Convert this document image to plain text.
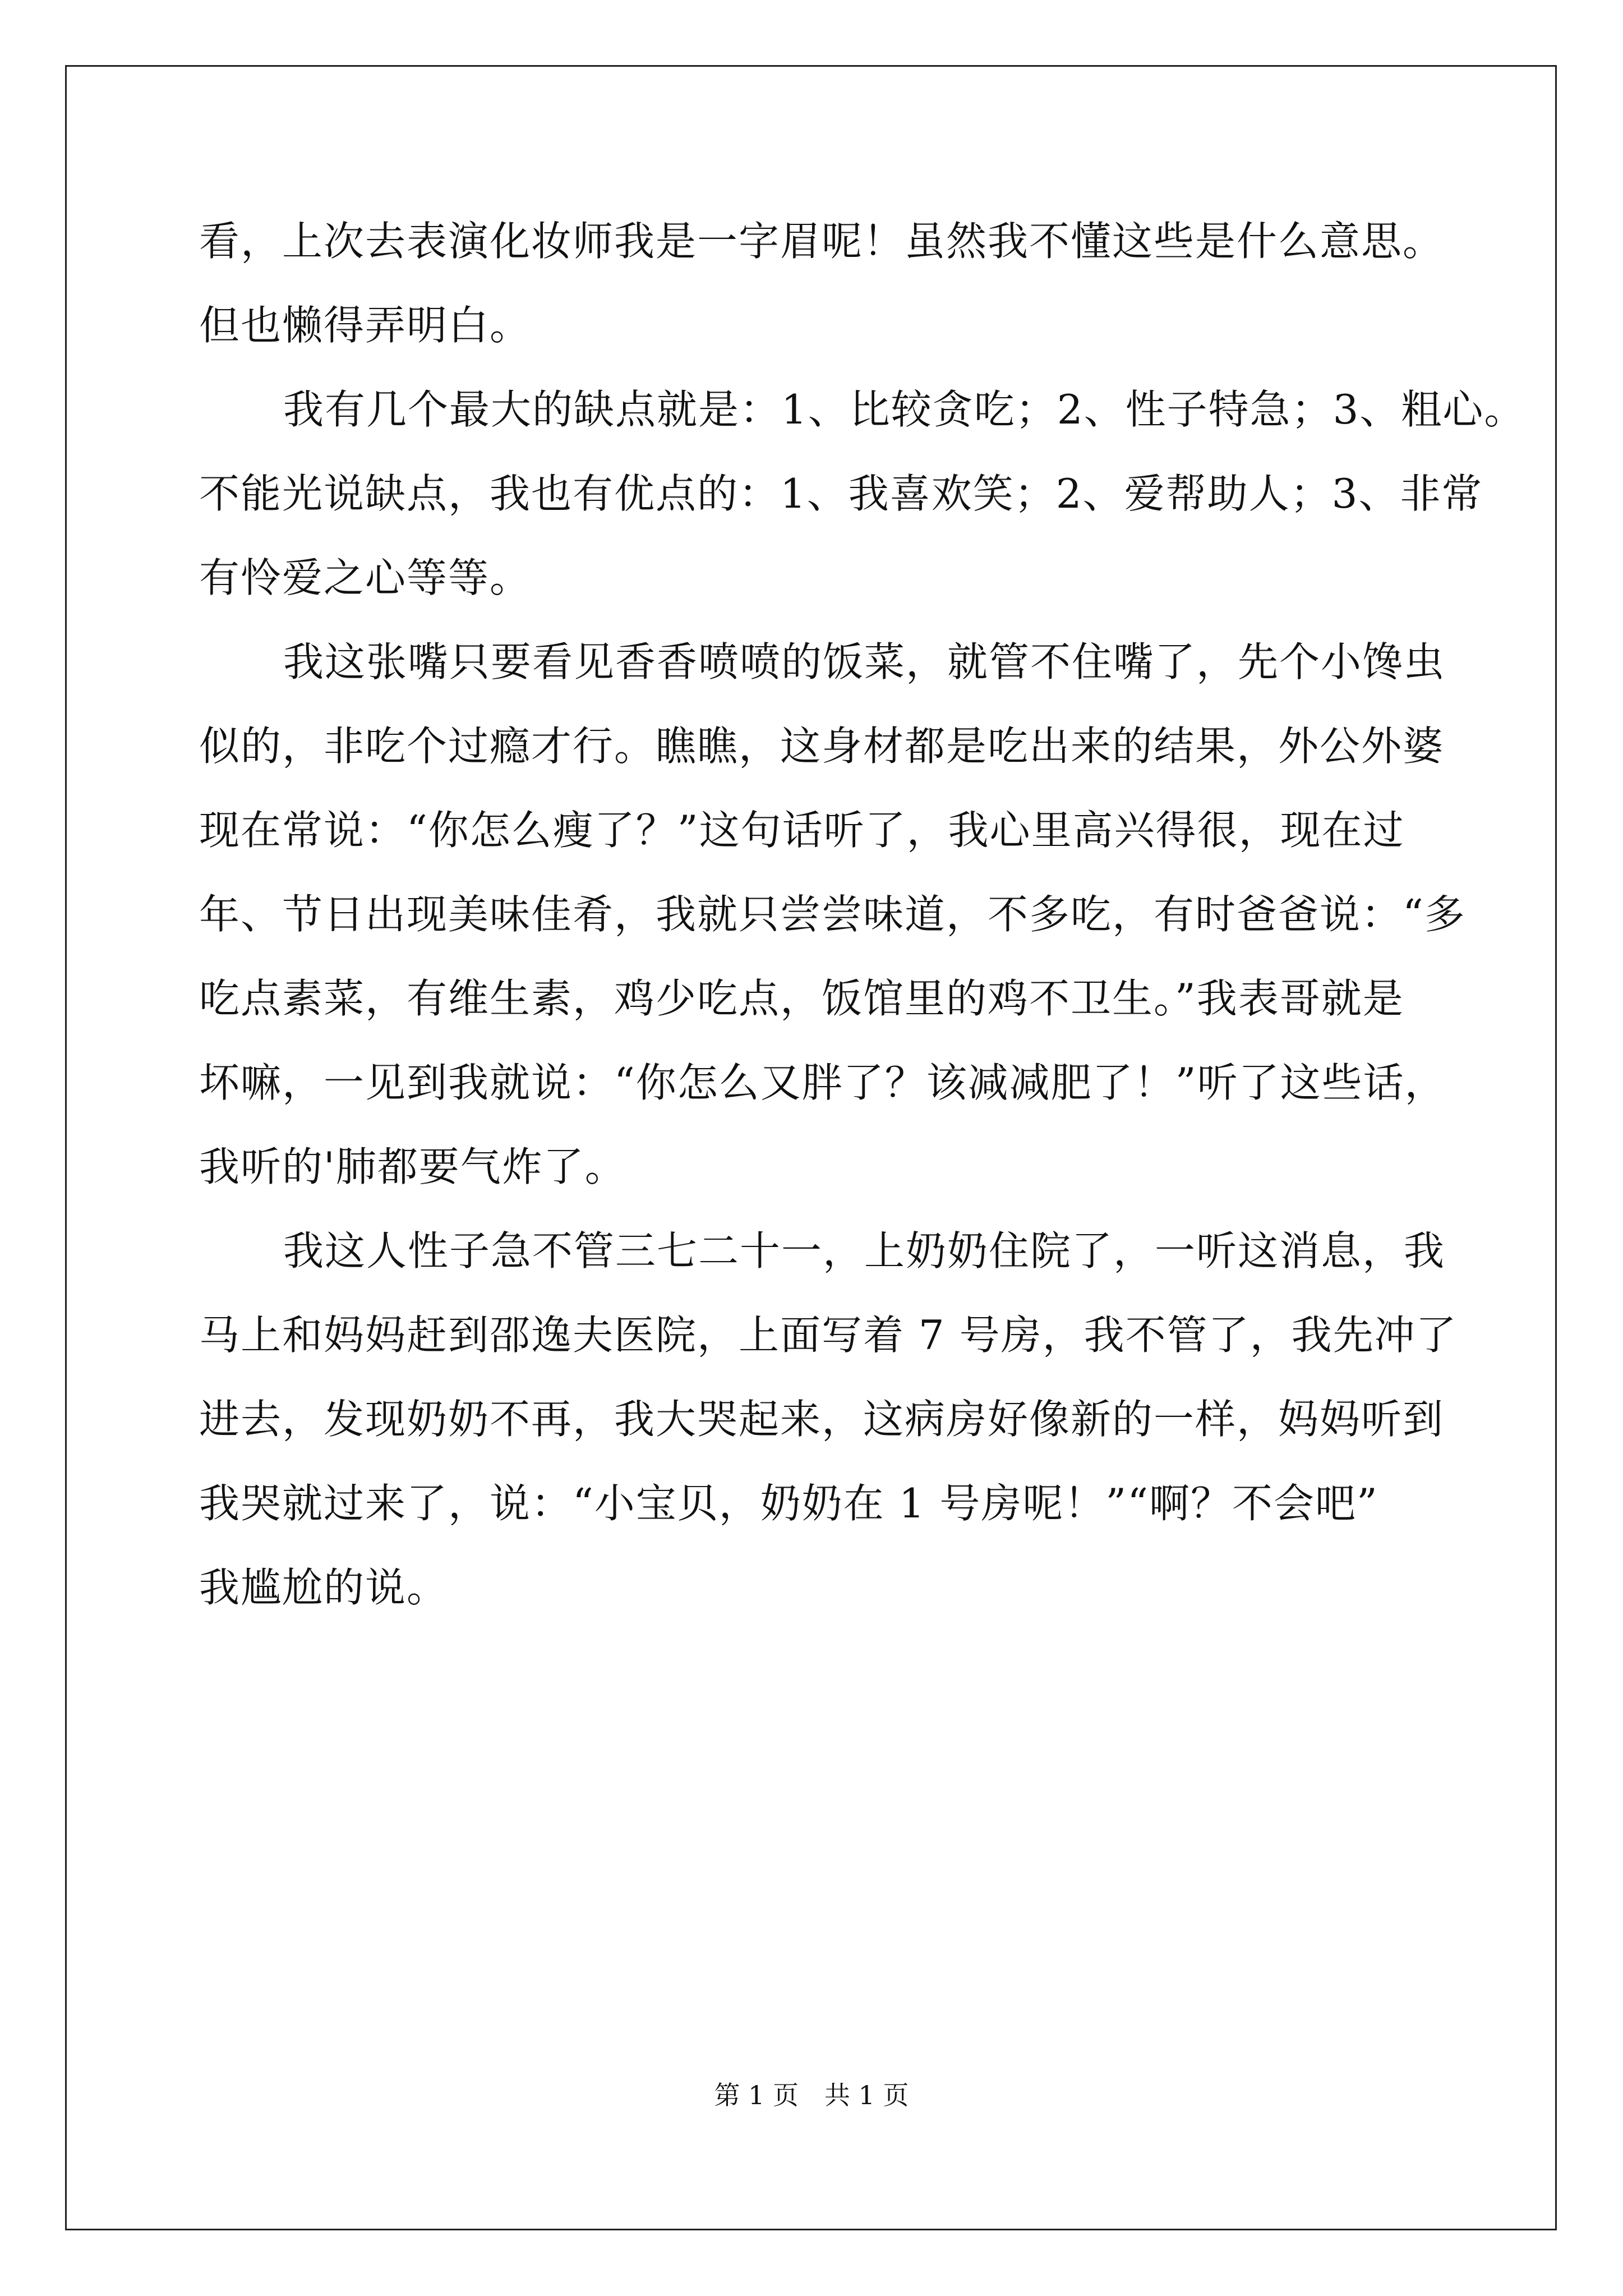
看，上次去表演化妆师我是一字眉呢！虽然我不懂这些是什么意思。
但也懒得弄明白。
我有几个最大的缺点就是：1、比较贪吃；2、性子特急；3、粗心。
不能光说缺点，我也有优点的：1、我喜欢笑；2、爱帮助人；3、非常
有怜爱之心等等。
我这张嘴只要看见香香喷喷的饭菜，就管不住嘴了，先个小馋虫
似的，非吃个过瘾才行。瞧瞧，这身材都是吃出来的结果，外公外婆
现在常说：“你怎么瘦了？”这句话听了，我心里高兴得很，现在过
年、节日出现美味佳肴，我就只尝尝味道，不多吃，有时爸爸说：“多
吃点素菜，有维生素，鸡少吃点，饭馆里的鸡不卫生。”我表哥就是
坏嘛，一见到我就说：“你怎么又胖了？该减减肥了！”听了这些话，
我听的'肺都要气炸了。
我这人性子急不管三七二十一，上奶奶住院了，一听这消息，我
马上和妈妈赶到邵逸夫医院，上面写着 7 号房，我不管了，我先冲了
进去，发现奶奶不再，我大哭起来，这病房好像新的一样，妈妈听到
我哭就过来了，说：“小宝贝，奶奶在 1 号房呢！”“啊？不会吧”
我尴尬的说。
第 1 页　共 1 页
